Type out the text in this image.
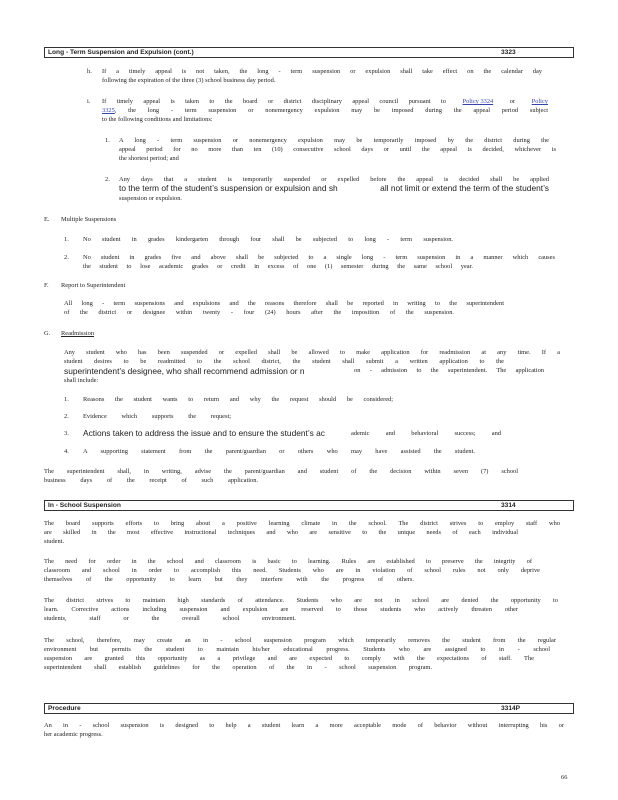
Long - Term Suspension and Expulsion (cont.)	3323
h. If a timely appeal is not taken, the long - term suspension or expulsion shall take effect on the calendar day
following the expiration of the three (3) school business day period.
i. If timely appeal is taken to the board or district disciplinary appeal council pursuant to	Policy 3324	or	Policy
3325 , the long - term suspension or nonemergency expulsion may be imposed during the appeal period subject
to the following conditions and limitations:
1. A long - term suspension or nonemergency expulsion may be temporarily imposed by the district during the
appeal period for no more than ten (10) consecutive school days or until the appeal is decided, whichever is
the shortest period; and
2. Any days that a student is temporarily suspended or expelled before the appeal is decided shall be applied
to the term of the student’s suspension or expulsion and sh	all not limit or extend the term of the student’s
suspension or expulsion.
E. Multiple Suspensions
1. No student in grades kindergarten through four shall be subjected to long - term suspension.
2. No student in grades five and above shall be subjected to a single long - term suspension in a manner which causes
the student to lose academic grades or credit in excess of one (1) semester during the same school year.
F. Report to Superintendent
All long - term suspensions and expulsions and the reasons therefore shall be reported in writing to the superintendent
of the district or designee within twenty - four (24) hours after the imposition of the suspension.
G. Readmission
Any student who has been suspended or expelled shall be allowed to make application for readmission at any time. If a
student desires to be readmitted to the school district, the student shall submit a written application to the
superintendent’s designee, who shall recommend admission or n	on - admission to the superintendent. The application
shall include:
1. Reasons the student wants to return and why the request should be considered;
2. Evidence which supports the request;
3. Actions taken to address the issue and to ensure the student’s ac	ademic and behavioral success; and
4. A supporting statement from the parent/guardian or others who may have assisted the student.
The superintendent shall, in writing, advise the parent/guardian and student of the decision within seven (7) school
business days of the receipt of such application.
In - School Suspension	3314
The board supports efforts to bring about a positive learning climate in the school. The district strives to employ staff who
are skilled in the most effective instructional techniques and who are sensitive to the unique needs of each individual
student.
The need for order in the school and classroom is basic to learning. Rules are established to preserve the integrity of
classroom and school in order to accomplish this need. Students who are in violation of school rules not only deprive
themselves of the opportunity to learn but they interfere with the progress of others.
The district strives to maintain high standards of attendance. Students who are not in school are denied the opportunity to
learn. Corrective actions including suspension and expulsion are reserved to those students who actively threaten other
students, staff or the overall school environment.
The school, therefore, may create an in - school suspension program which temporarily removes the student from the regular
environment but permits the student to maintain his/her educational progress. Students who are assigned to in - school
suspension are granted this opportunity as a privilege and are expected to comply with the expectations of staff. The
superintendent shall establish guidelines for the operation of the in - school suspension program.
Procedure	3314P
An in - school suspension is designed to help a student learn a more acceptable mode of behavior without interrupting his or
her academic progress.
66
